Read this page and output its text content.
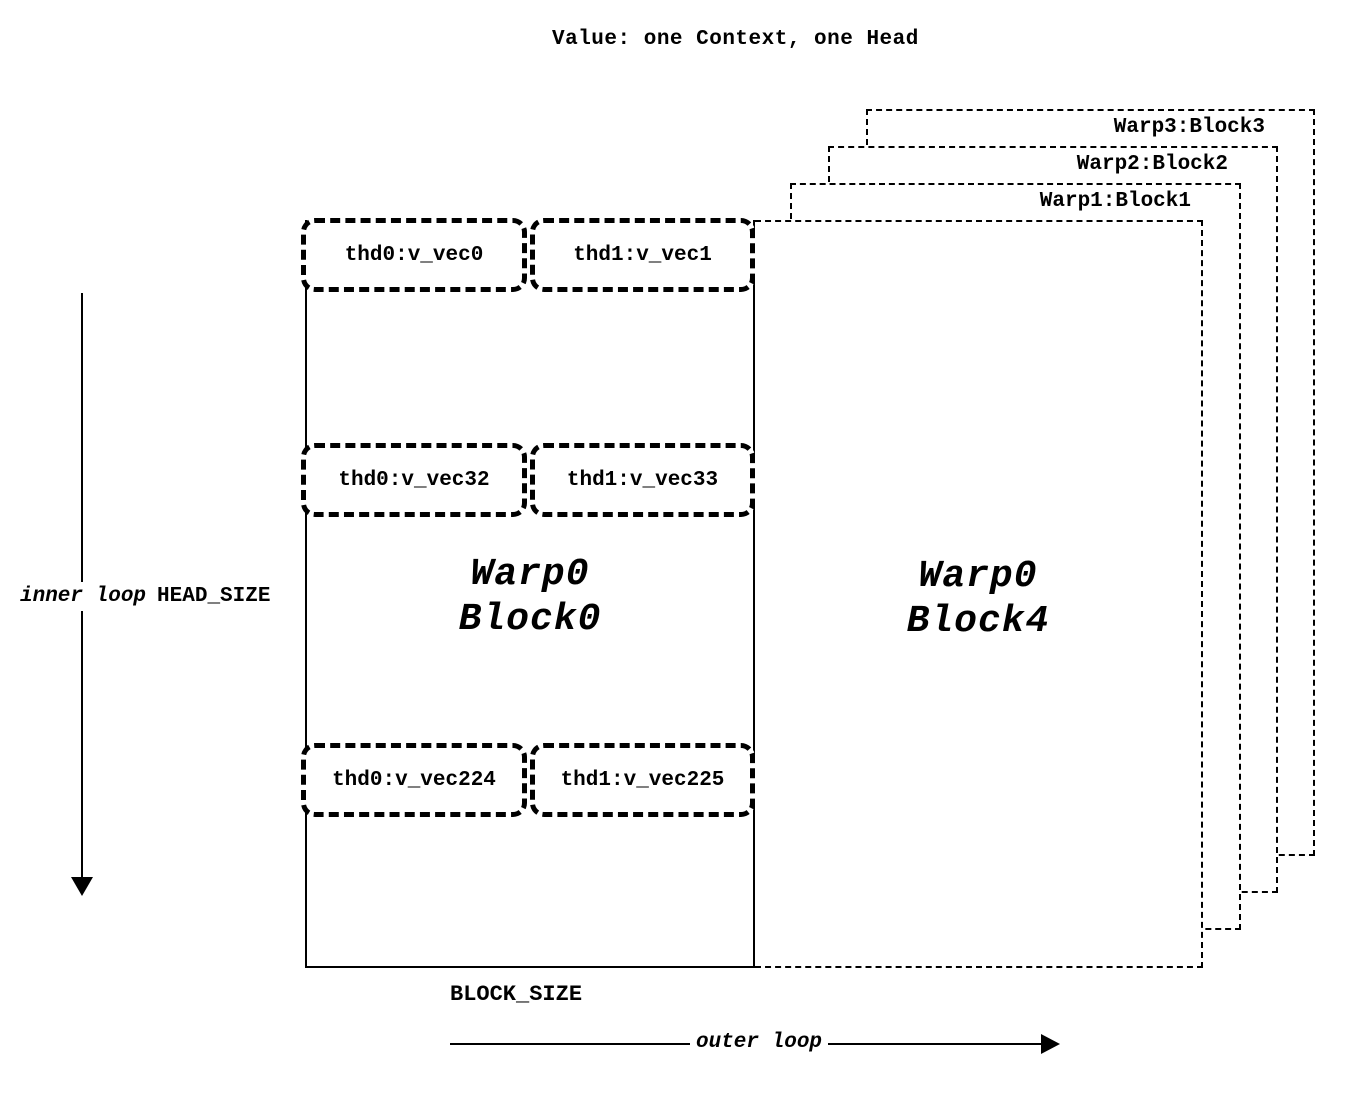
Value: one Context, one Head
Warp3:Block3
Warp2:Block2
Warp1:Block1
Warp0
Block4
Warp0
Block0
thd0:v_vec0	thd1:v_vec1
thd0:v_vec32	thd1:v_vec33
thd0:v_vec224	thd1:v_vec225
inner loop HEAD_SIZE
BLOCK_SIZE
outer loop
